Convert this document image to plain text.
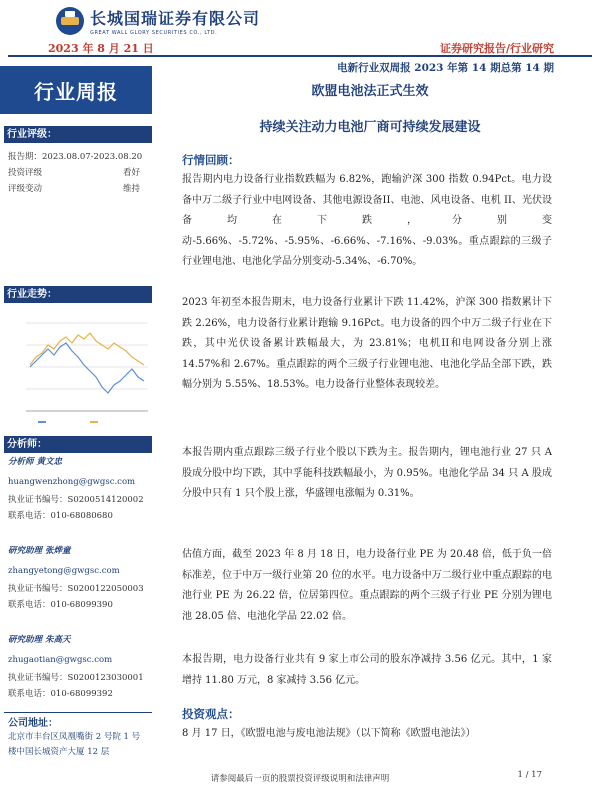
长城国瑞证券有限公司
GREAT WALL GLORY SECURITIES CO., LTD.
2023 年 8 月 21 日	证券研究报告/行业研究
电新行业双周报 2023 年第 14 期总第 14 期
行业周报
行业评级：
报告期：2023.08.07-2023.08.20
投资评级	看好
评级变动	维持
行业走势：
分析师：
分析师 黄文忠
huangwenzhong@gwgsc.com
执业证书编号：S0200514120002
联系电话：010-68080680
研究助理 张烨童
zhangyetong@gwgsc.com
执业证书编号：S0200122050003
联系电话：010-68099390
研究助理 朱高天
zhugaotian@gwgsc.com
执业证书编号：S0200123030001
联系电话：010-68099392
公司地址：
北京市丰台区凤凰嘴街 2 号院 1 号楼中国长城资产大厦 12 层
欧盟电池法正式生效
持续关注动力电池厂商可持续发展建设
行情回顾：
报告期内电力设备行业指数跌幅为 6.82%，跑输沪深 300 指数 0.94Pct。电力设备中万二级子行业中电网设备、其他电源设备II、电池、风电设备、电机 II、光伏设备均在下跌，分别变动-5.66%、-5.72%、-5.95%、-6.66%、-7.16%、-9.03%。重点跟踪的三级子行业锂电池、电池化学品分别变动-5.34%、-6.70%。
2023 年初至本报告期末，电力设备行业累计下跌 11.42%，沪深 300 指数累计下跌 2.26%，电力设备行业累计跑输 9.16Pct。电力设备的四个中万二级子行业在下跌，其中光伏设备累计跌幅最大，为 23.81%；电机II和电网设备分别上涨 14.57%和 2.67%。重点跟踪的两个三级子行业锂电池、电池化学品全部下跌，跌幅分别为 5.55%、18.53%。电力设备行业整体表现较差。
本报告期内重点跟踪三级子行业个股以下跌为主。报告期内，锂电池行业 27 只 A 股成分股中均下跌，其中孚能科技跌幅最小，为 0.95%。电池化学品 34 只 A 股成分股中只有 1 只个股上涨，华盛锂电涨幅为 0.31%。
估值方面，截至 2023 年 8 月 18 日，电力设备行业 PE 为 20.48 倍，低于负一倍标准差，位于中万一级行业第 20 位的水平。电力设备中万二级行业中重点跟踪的电池行业 PE 为 26.22 倍，位居第四位。重点跟踪的两个三级子行业 PE 分别为锂电池 28.05 倍、电池化学品 22.02 倍。
本报告期，电力设备行业共有 9 家上市公司的股东净减持 3.56 亿元。其中，1 家增持 11.80 万元，8 家减持 3.56 亿元。
投资观点：
8 月 17 日，《欧盟电池与废电池法规》（以下简称《欧盟电池法》）
请参阅最后一页的股票投资评级说明和法律声明	1 / 17
